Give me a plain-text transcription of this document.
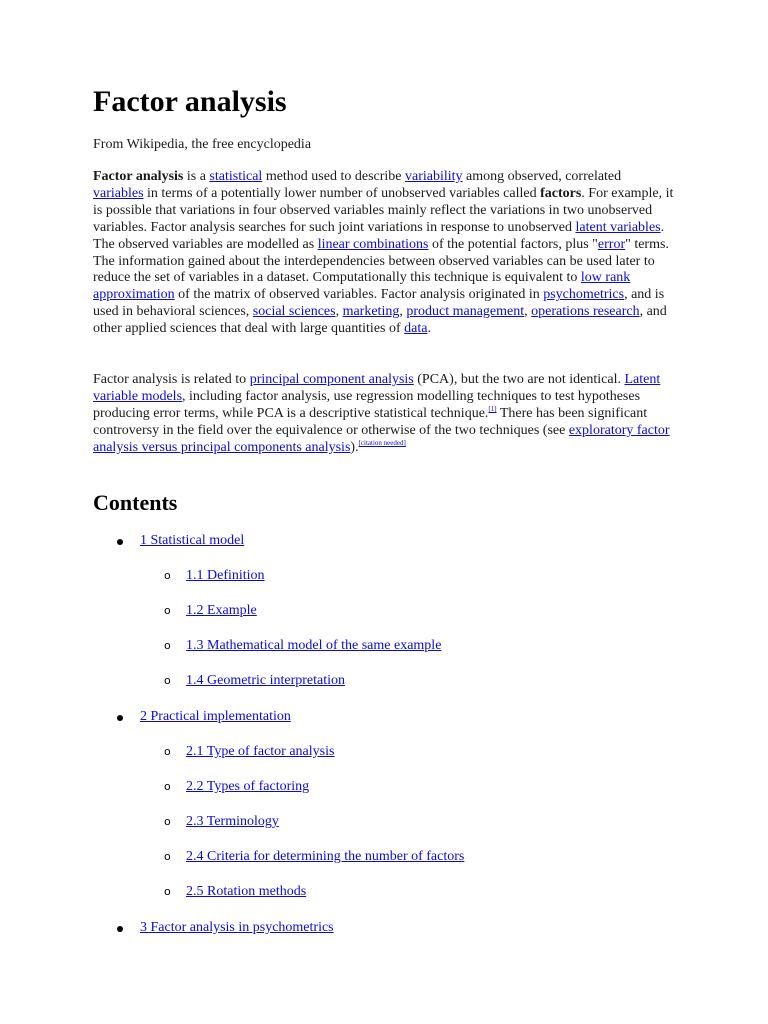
Factor analysis

From Wikipedia, the free encyclopedia

Factor analysis is a statistical method used to describe variability among observed, correlated variables in terms of a potentially lower number of unobserved variables called factors. For example, it is possible that variations in four observed variables mainly reflect the variations in two unobserved variables. Factor analysis searches for such joint variations in response to unobserved latent variables. The observed variables are modelled as linear combinations of the potential factors, plus "error" terms. The information gained about the interdependencies between observed variables can be used later to reduce the set of variables in a dataset. Computationally this technique is equivalent to low rank approximation of the matrix of observed variables. Factor analysis originated in psychometrics, and is used in behavioral sciences, social sciences, marketing, product management, operations research, and other applied sciences that deal with large quantities of data.

Factor analysis is related to principal component analysis (PCA), but the two are not identical. Latent variable models, including factor analysis, use regression modelling techniques to test hypotheses producing error terms, while PCA is a descriptive statistical technique.[1] There has been significant controversy in the field over the equivalence or otherwise of the two techniques (see exploratory factor analysis versus principal components analysis).[citation needed]

Contents
1 Statistical model
o 1.1 Definition
o 1.2 Example
o 1.3 Mathematical model of the same example
o 1.4 Geometric interpretation
2 Practical implementation
o 2.1 Type of factor analysis
o 2.2 Types of factoring
o 2.3 Terminology
o 2.4 Criteria for determining the number of factors
o 2.5 Rotation methods
3 Factor analysis in psychometrics
